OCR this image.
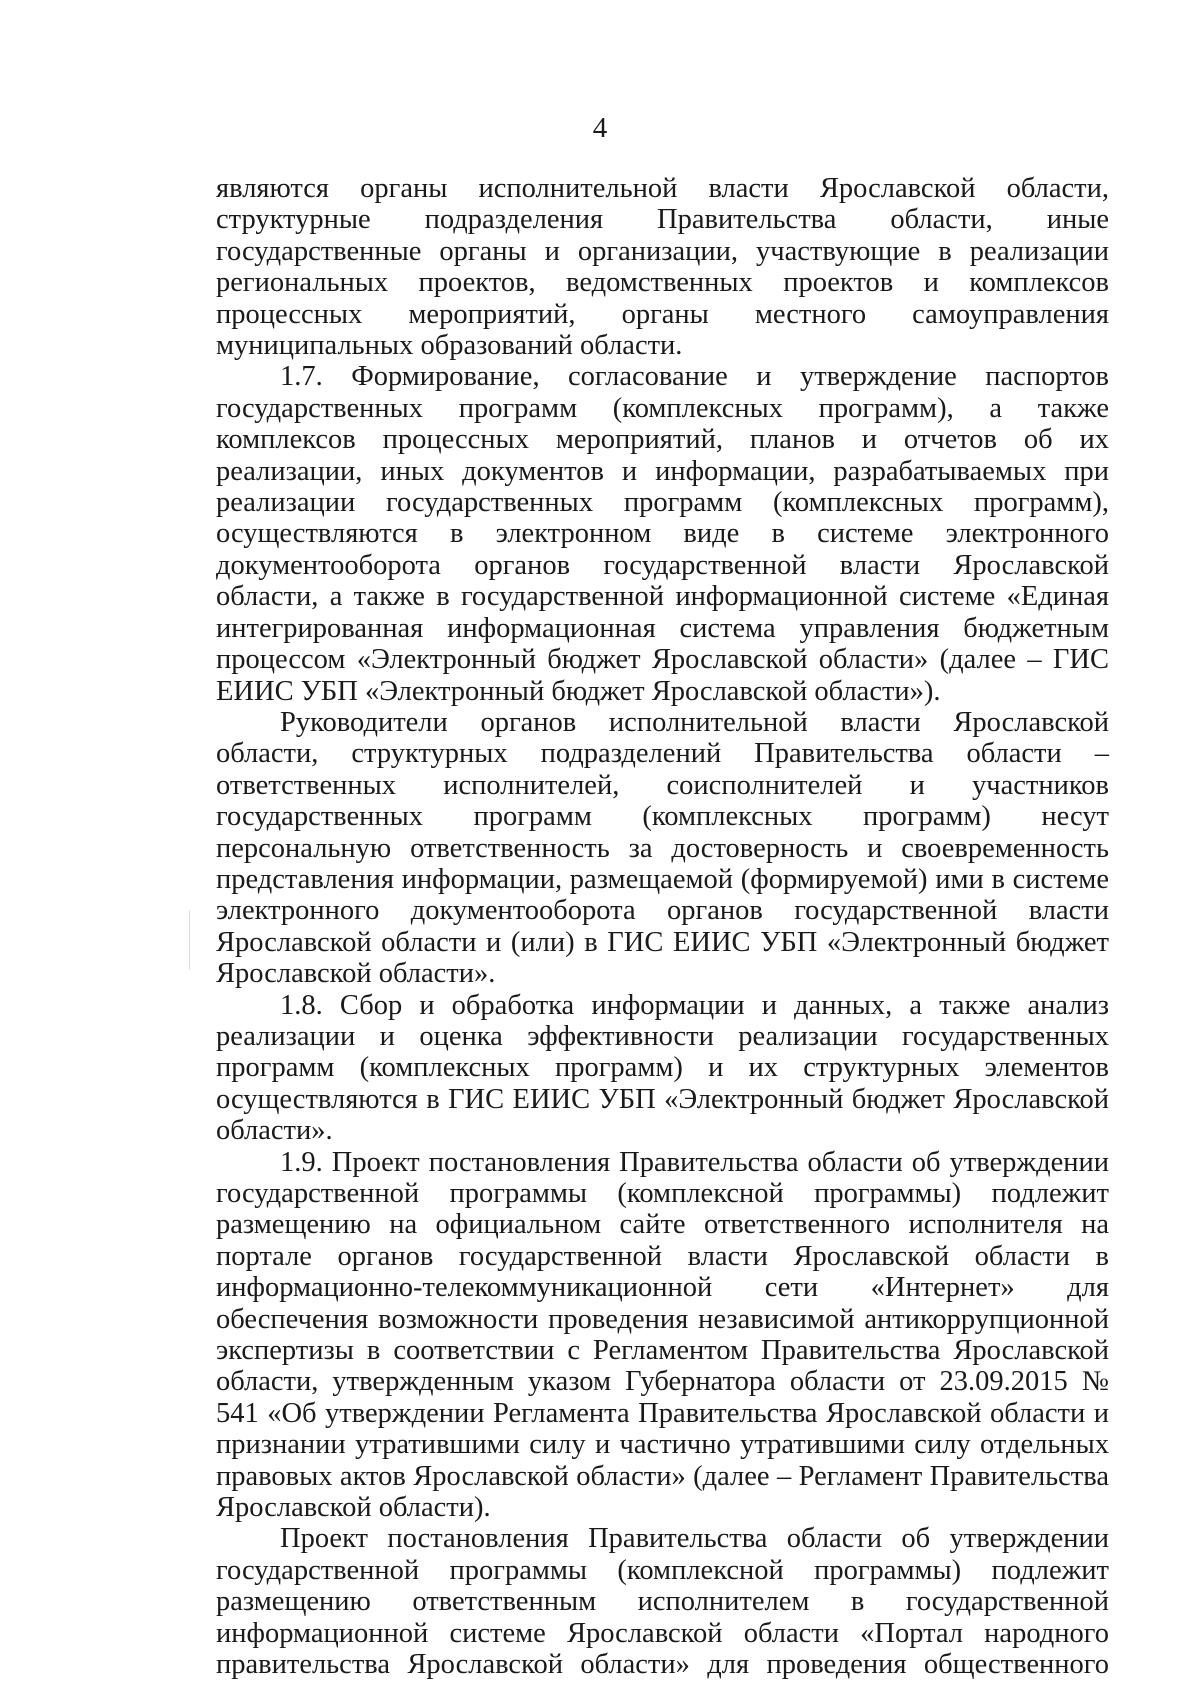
4

являются органы исполнительной власти Ярославской области, структурные подразделения Правительства области, иные государственные органы и организации, участвующие в реализации региональных проектов, ведомственных проектов и комплексов процессных мероприятий, органы местного самоуправления муниципальных образований области.

1.7. Формирование, согласование и утверждение паспортов государственных программ (комплексных программ), а также комплексов процессных мероприятий, планов и отчетов об их реализации, иных документов и информации, разрабатываемых при реализации государственных программ (комплексных программ), осуществляются в электронном виде в системе электронного документооборота органов государственной власти Ярославской области, а также в государственной информационной системе «Единая интегрированная информационная система управления бюджетным процессом «Электронный бюджет Ярославской области» (далее – ГИС ЕИИС УБП «Электронный бюджет Ярославской области»).

Руководители органов исполнительной власти Ярославской области, структурных подразделений Правительства области – ответственных исполнителей, соисполнителей и участников государственных программ (комплексных программ) несут персональную ответственность за достоверность и своевременность представления информации, размещаемой (формируемой) ими в системе электронного документооборота органов государственной власти Ярославской области и (или) в ГИС ЕИИС УБП «Электронный бюджет Ярославской области».

1.8. Сбор и обработка информации и данных, а также анализ реализации и оценка эффективности реализации государственных программ (комплексных программ) и их структурных элементов осуществляются в ГИС ЕИИС УБП «Электронный бюджет Ярославской области».

1.9. Проект постановления Правительства области об утверждении государственной программы (комплексной программы) подлежит размещению на официальном сайте ответственного исполнителя на портале органов государственной власти Ярославской области в информационно-телекоммуникационной сети «Интернет» для обеспечения возможности проведения независимой антикоррупционной экспертизы в соответствии с Регламентом Правительства Ярославской области, утвержденным указом Губернатора области от 23.09.2015 № 541 «Об утверждении Регламента Правительства Ярославской области и признании утратившими силу и частично утратившими силу отдельных правовых актов Ярославской области» (далее – Регламент Правительства Ярославской области).

Проект постановления Правительства области об утверждении государственной программы (комплексной программы) подлежит размещению ответственным исполнителем в государственной информационной системе Ярославской области «Портал народного правительства Ярославской области» для проведения общественного
